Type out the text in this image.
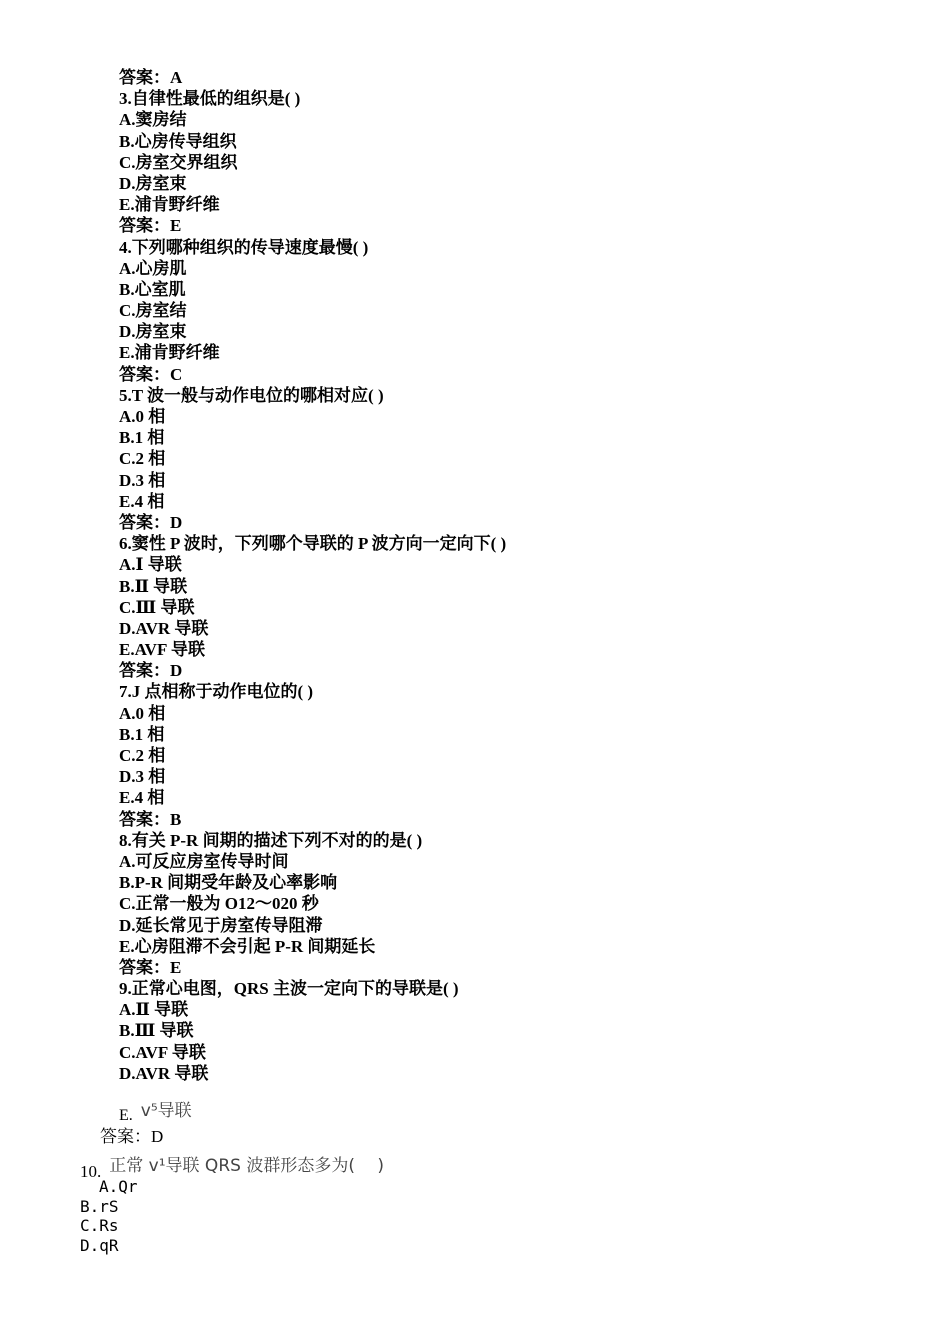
答案：A
3.自律性最低的组织是( )
A.窦房结
B.心房传导组织
C.房室交界组织
D.房室束
E.浦肯野纤维
答案：E
4.下列哪种组织的传导速度最慢( )
A.心房肌
B.心室肌
C.房室结
D.房室束
E.浦肯野纤维
答案：C
5.T 波一般与动作电位的哪相对应( )
A.0 相
B.1 相
C.2 相
D.3 相
E.4 相
答案：D
6.窦性 P 波时，下列哪个导联的 P 波方向一定向下( )
A.Ⅰ 导联
B.Ⅱ 导联
C.Ⅲ 导联
D.AVR 导联
E.AVF 导联
答案：D
7.J 点相称于动作电位的( )
A.0 相
B.1 相
C.2 相
D.3 相
E.4 相
答案：B
8.有关 P-R 间期的描述下列不对的的是( )
A.可反应房室传导时间
B.P-R 间期受年龄及心率影响
C.正常一般为 O12～020 秒
D.延长常见于房室传导阻滞
E.心房阻滞不会引起 P-R 间期延长
答案：E
9.正常心电图，QRS 主波一定向下的导联是( )
A.Ⅱ 导联
B.Ⅲ 导联
C.AVF 导联
D.AVR 导联
E. v⁵导联
答案：D
10. 正常 v¹导联 QRS 波群形态多为(　 )
A.Qr
B.rS
C.Rs
D.qR
